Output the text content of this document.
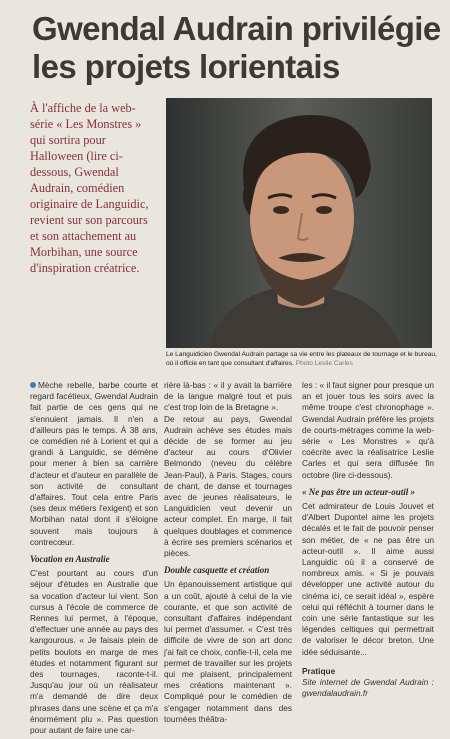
Gwendal Audrain privilégie les projets lorientais
À l'affiche de la web-série « Les Monstres » qui sortira pour Halloween (lire ci-dessous, Gwendal Audrain, comédien originaire de Languidic, revient sur son parcours et son attachement au Morbihan, une source d'inspiration créatrice.
Le Languidicien Gwendal Audrain partage sa vie entre les plateaux de tournage et le bureau, où il officie en tant que consultant d'affaires. Photo Leslie Carles

Mèche rebelle, barbe courte et regard facétieux, Gwendal Audrain fait partie de ces gens qui ne s'ennuient jamais. Il n'en a d'ailleurs pas le temps. À 38 ans, ce comédien né à Lorient et qui a grandi à Languidic, se démène pour mener à bien sa carrière d'acteur et d'auteur en parallèle de son activité de consultant d'affaires. Tout cela entre Paris (ses deux métiers l'exigent) et son Morbihan natal dont il s'éloigne souvent mais toujours à contrecœur.

Vocation en Australie

C'est pourtant au cours d'un séjour d'études en Australie que sa vocation d'acteur lui vient. Son cursus à l'école de commerce de Rennes lui permet, à l'époque, d'effectuer une année au pays des kangourous. « Je faisais plein de petits boulots en marge de mes études et notamment figurant sur des tournages, raconte-t-il. Jusqu'au jour où un réalisateur m'a demandé de dire deux phrases dans une scène et ça m'a énormément plu ». Pas question pour autant de faire une car-

rière là-bas : « il y avait la barrière de la langue malgré tout et puis c'est trop loin de la Bretagne ».

De retour au pays, Gwendal Audrain achève ses études mais décide de se former au jeu d'acteur au cours d'Olivier Belmondo (neveu du célèbre Jean-Paul), à Paris. Stages, cours de chant, de danse et tournages avec de jeunes réalisateurs, le Languidicien veut devenir un acteur complet. En marge, il fait quelques doublages et commence à écrire ses premiers scénarios et pièces.

Double casquette et création

Un épanouissement artistique qui a un coût, ajouté à celui de la vie courante, et que son activité de consultant d'affaires indépendant lui permet d'assumer. « C'est très difficile de vivre de son art donc j'ai fait ce choix, confie-t-il, cela me permet de travailler sur les projets qui me plaisent, principalement mes créations maintenant ». Compliqué pour le comédien de s'engager notamment dans des tournées théâtra-

les : « il faut signer pour presque un an et jouer tous les soirs avec la même troupe c'est chronophage ». Gwendal Audrain préfère les projets de courts-métrages comme la web-série « Les Monstres » qu'à coécrite avec la réalisatrice Leslie Carles et qui sera diffusée fin octobre (lire ci-dessous).

« Ne pas être un acteur-outil »

Cet admirateur de Louis Jouvet et d'Albert Dupontel aime les projets décalés et le fait de pouvoir penser son métier, de « ne pas être un acteur-outil ». Il aime aussi Languidic où il a conservé de nombreux amis. « Si je pouvais développer une activité autour du cinéma ici, ce serait idéal », espère celui qui réfléchit à tourner dans le coin une série fantastique sur les légendes celtiques qui permettrait de valoriser le décor breton. Une idée séduisante...

Pratique
Site internet de Gwendal Audrain : gwendalaudrain.fr
